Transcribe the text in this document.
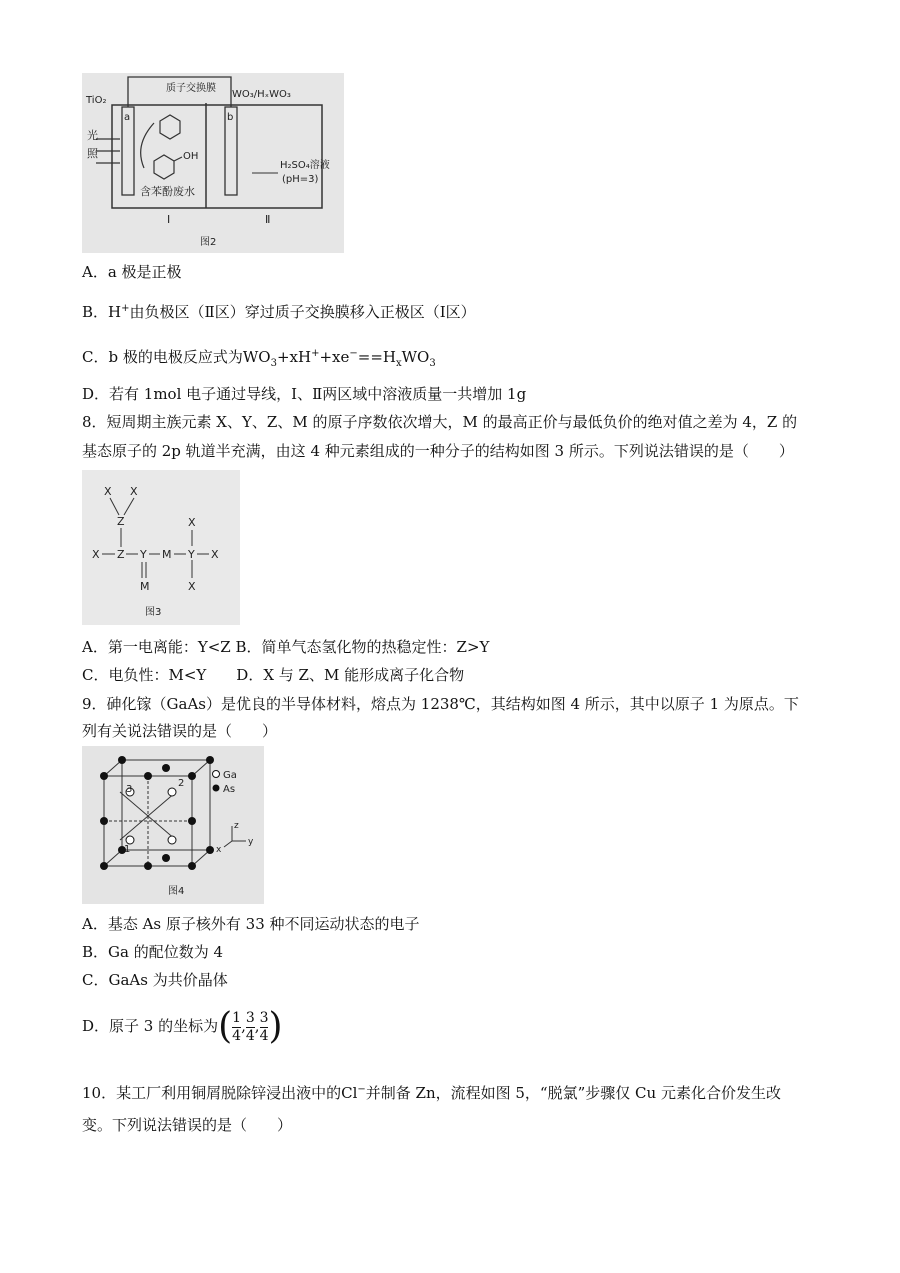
TiO₂
质子交换膜
WO₃/HₓWO₃
a	b
光
照	OH
含苯酚废水
H₂SO₄溶液
(pH=3)
Ⅰ	Ⅱ
图2
A．a 极是正极
B．H+由负极区（Ⅱ区）穿过质子交换膜移入正极区（Ⅰ区）
C．b 极的电极反应式为$WO_3+xH^++xe^-==H_xWO_3$
D．若有 1mol 电子通过导线，Ⅰ、Ⅱ两区域中溶液质量一共增加 1g
8．短周期主族元素 X、Y、Z、M 的原子序数依次增大，M 的最高正价与最低负价的绝对值之差为 4，Z 的
基态原子的 2p 轨道半充满，由这 4 种元素组成的一种分子的结构如图 3 所示。下列说法错误的是（　　）
X X
Z
X Z Y M Y X
X
X
M
图3
A．第一电离能：Y<Z B．简单气态氢化物的热稳定性：Z>Y
C．电负性：M<Y　　D．X 与 Z、M 能形成离子化合物
9．砷化镓（GaAs）是优良的半导体材料，熔点为 1238℃，其结构如图 4 所示，其中以原子 1 为原点。下
列有关说法错误的是（　　）
Ga
As
1
2
3
z
y
x
图4
A．基态 As 原子核外有 33 种不同运动状态的电子
B．Ga 的配位数为 4
C．GaAs 为共价晶体
D．原子 3 的坐标为( $\frac{1}{4}$ , $\frac{3}{4}$ , $\frac{3}{4}$ )
10．某工厂利用铜屑脱除锌浸出液中的Cl−并制备 Zn，流程如图 5，“脱氯”步骤仅 Cu 元素化合价发生改
变。下列说法错误的是（　　）
